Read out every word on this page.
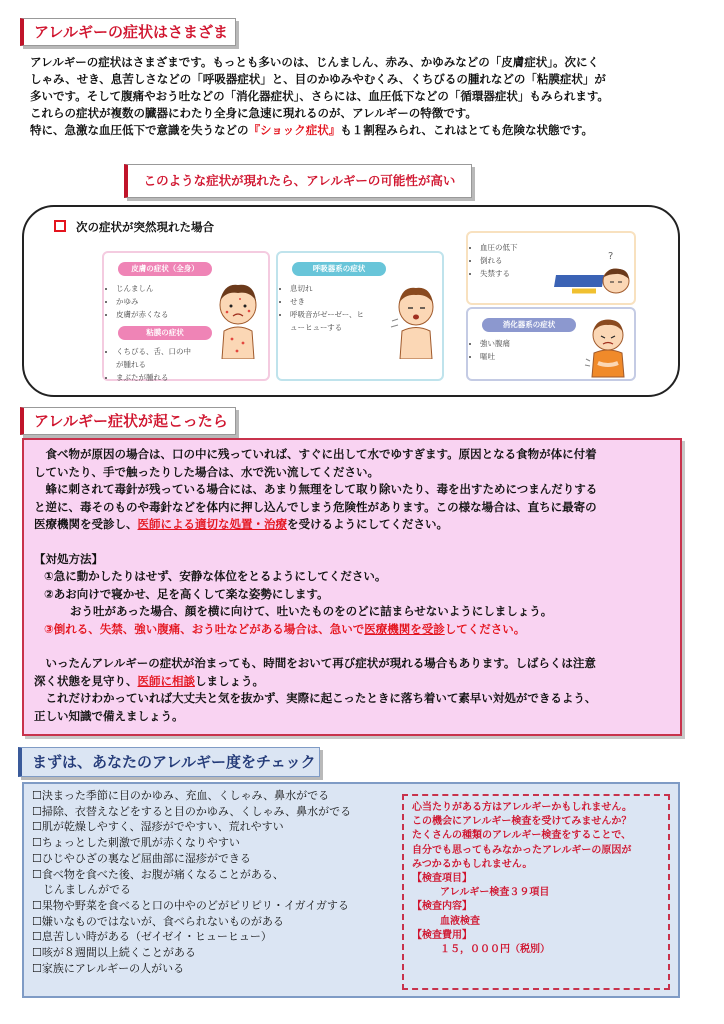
アレルギーの症状はさまざま

アレルギーの症状はさまざまです。もっとも多いのは、じんましん、赤み、かゆみなどの「皮膚症状」。次にく

しゃみ、せき、息苦しさなどの「呼吸器症状」と、目のかゆみやむくみ、くちびるの腫れなどの「粘膜症状」が

多いです。そして腹痛やおう吐などの「消化器症状」、さらには、血圧低下などの「循環器症状」もみられます。

これらの症状が複数の臓器にわたり全身に急速に現れるのが、アレルギーの特徴です。

特に、急激な血圧低下で意識を失うなどの『ショック症状』も１割程みられ、これはとても危険な状態です。

このような症状が現れたら、アレルギーの可能性が高い
次の症状が突然現れた場合
皮膚の症状（全身）
• じんましん
• かゆみ
• 皮膚が赤くなる
粘膜の症状
• くちびる、舌、口の中
が腫れる
• まぶたが腫れる
呼吸器系の症状
• 息切れ
• せき
• 呼吸音がゼーゼー、ヒ
ューヒューする
• 血圧の低下
• 倒れる
• 失禁する
?
消化器系の症状
• 強い腹痛
• 嘔吐
アレルギー症状が起こったら

　食べ物が原因の場合は、口の中に残っていれば、すぐに出して水でゆすぎます。原因となる食物が体に付着

していたり、手で触ったりした場合は、水で洗い流してください。

　蜂に刺されて毒針が残っている場合には、あまり無理をして取り除いたり、毒を出すためにつまんだりする

と逆に、毒そのものや毒針などを体内に押し込んでしまう危険性があります。この様な場合は、直ちに最寄の

医療機関を受診し、医師による適切な処置・治療を受けるようにしてください。

【対処方法】

①急に動かしたりはせず、安静な体位をとるようにしてください。

②あお向けで寝かせ、足を高くして楽な姿勢にします。

おう吐があった場合、顔を横に向けて、吐いたものをのどに詰まらせないようにしましょう。

③倒れる、失禁、強い腹痛、おう吐などがある場合は、急いで医療機関を受診してください。

　いったんアレルギーの症状が治まっても、時間をおいて再び症状が現れる場合もあります。しばらくは注意

深く状態を見守り、医師に相談しましょう。

　これだけわかっていれば大丈夫と気を抜かず、実際に起こったときに落ち着いて素早い対処ができるよう、

正しい知識で備えましょう。

まずは、あなたのアレルギー度をチェック
☐決まった季節に目のかゆみ、充血、くしゃみ、鼻水がでる
☐掃除、衣替えなどをすると目のかゆみ、くしゃみ、鼻水がでる
☐肌が乾燥しやすく、湿疹がでやすい、荒れやすい
☐ちょっとした刺激で肌が赤くなりやすい
☐ひじやひざの裏など屈曲部に湿疹ができる
☐食べ物を食べた後、お腹が痛くなることがある、
　じんましんがでる
☐果物や野菜を食べると口の中やのどがピリピリ・イガイガする
☐嫌いなものではないが、食べられないものがある
☐息苦しい時がある（ゼイゼイ・ヒューヒュー）
☐咳が８週間以上続くことがある
☐家族にアレルギーの人がいる

心当たりがある方はアレルギーかもしれません。

この機会にアレルギー検査を受けてみませんか？

たくさんの種類のアレルギー検査をすることで、

自分でも思ってもみなかったアレルギーの原因が

みつかるかもしれません。

【検査項目】

アレルギー検査３９項目

【検査内容】

血液検査

【検査費用】

１５，０００円（税別）
